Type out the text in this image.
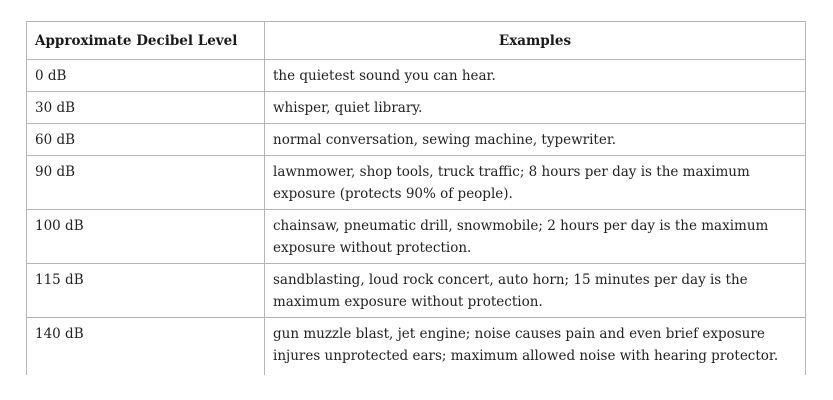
Approximate Decibel Level	Examples
0 dB	the quietest sound you can hear.
30 dB	whisper, quiet library.
60 dB	normal conversation, sewing machine, typewriter.
90 dB	lawnmower, shop tools, truck traffic; 8 hours per day is the maximum exposure (protects 90% of people).
100 dB	chainsaw, pneumatic drill, snowmobile; 2 hours per day is the maximum exposure without protection.
115 dB	sandblasting, loud rock concert, auto horn; 15 minutes per day is the maximum exposure without protection.
140 dB	gun muzzle blast, jet engine; noise causes pain and even brief exposure injures unprotected ears; maximum allowed noise with hearing protector.
